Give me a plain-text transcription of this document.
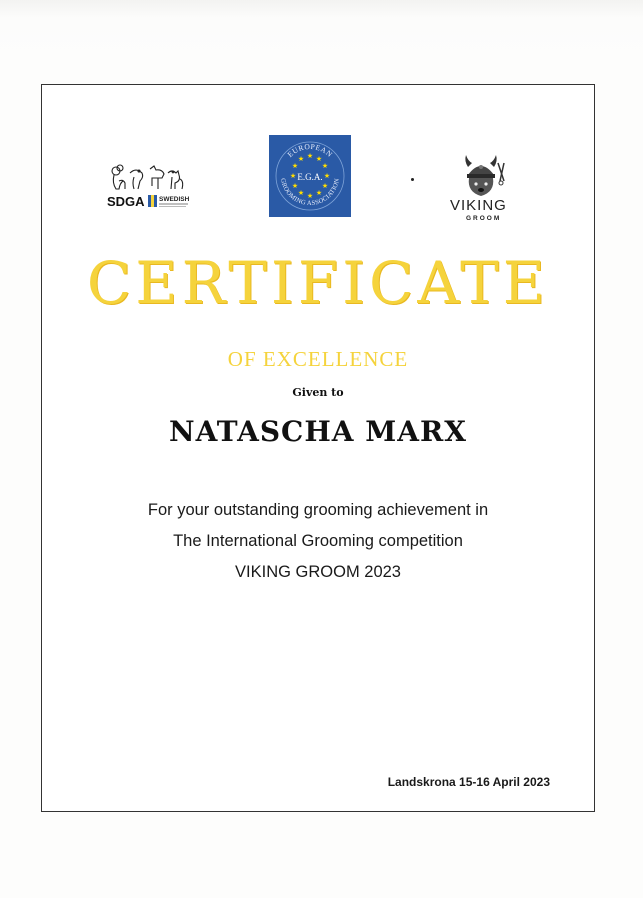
SDGA SWEDISH
EUROPEAN
GROOMING ASSOCIATION
★ ★
★
★
★
★
★
★
★
★
★
★
E.G.A.
VIKING
GROOM
CERTIFICATE
OF EXCELLENCE
Given to
NATASCHA MARX
For your outstanding grooming achievement in
The International Grooming competition
VIKING GROOM 2023
Landskrona 15-16 April 2023
